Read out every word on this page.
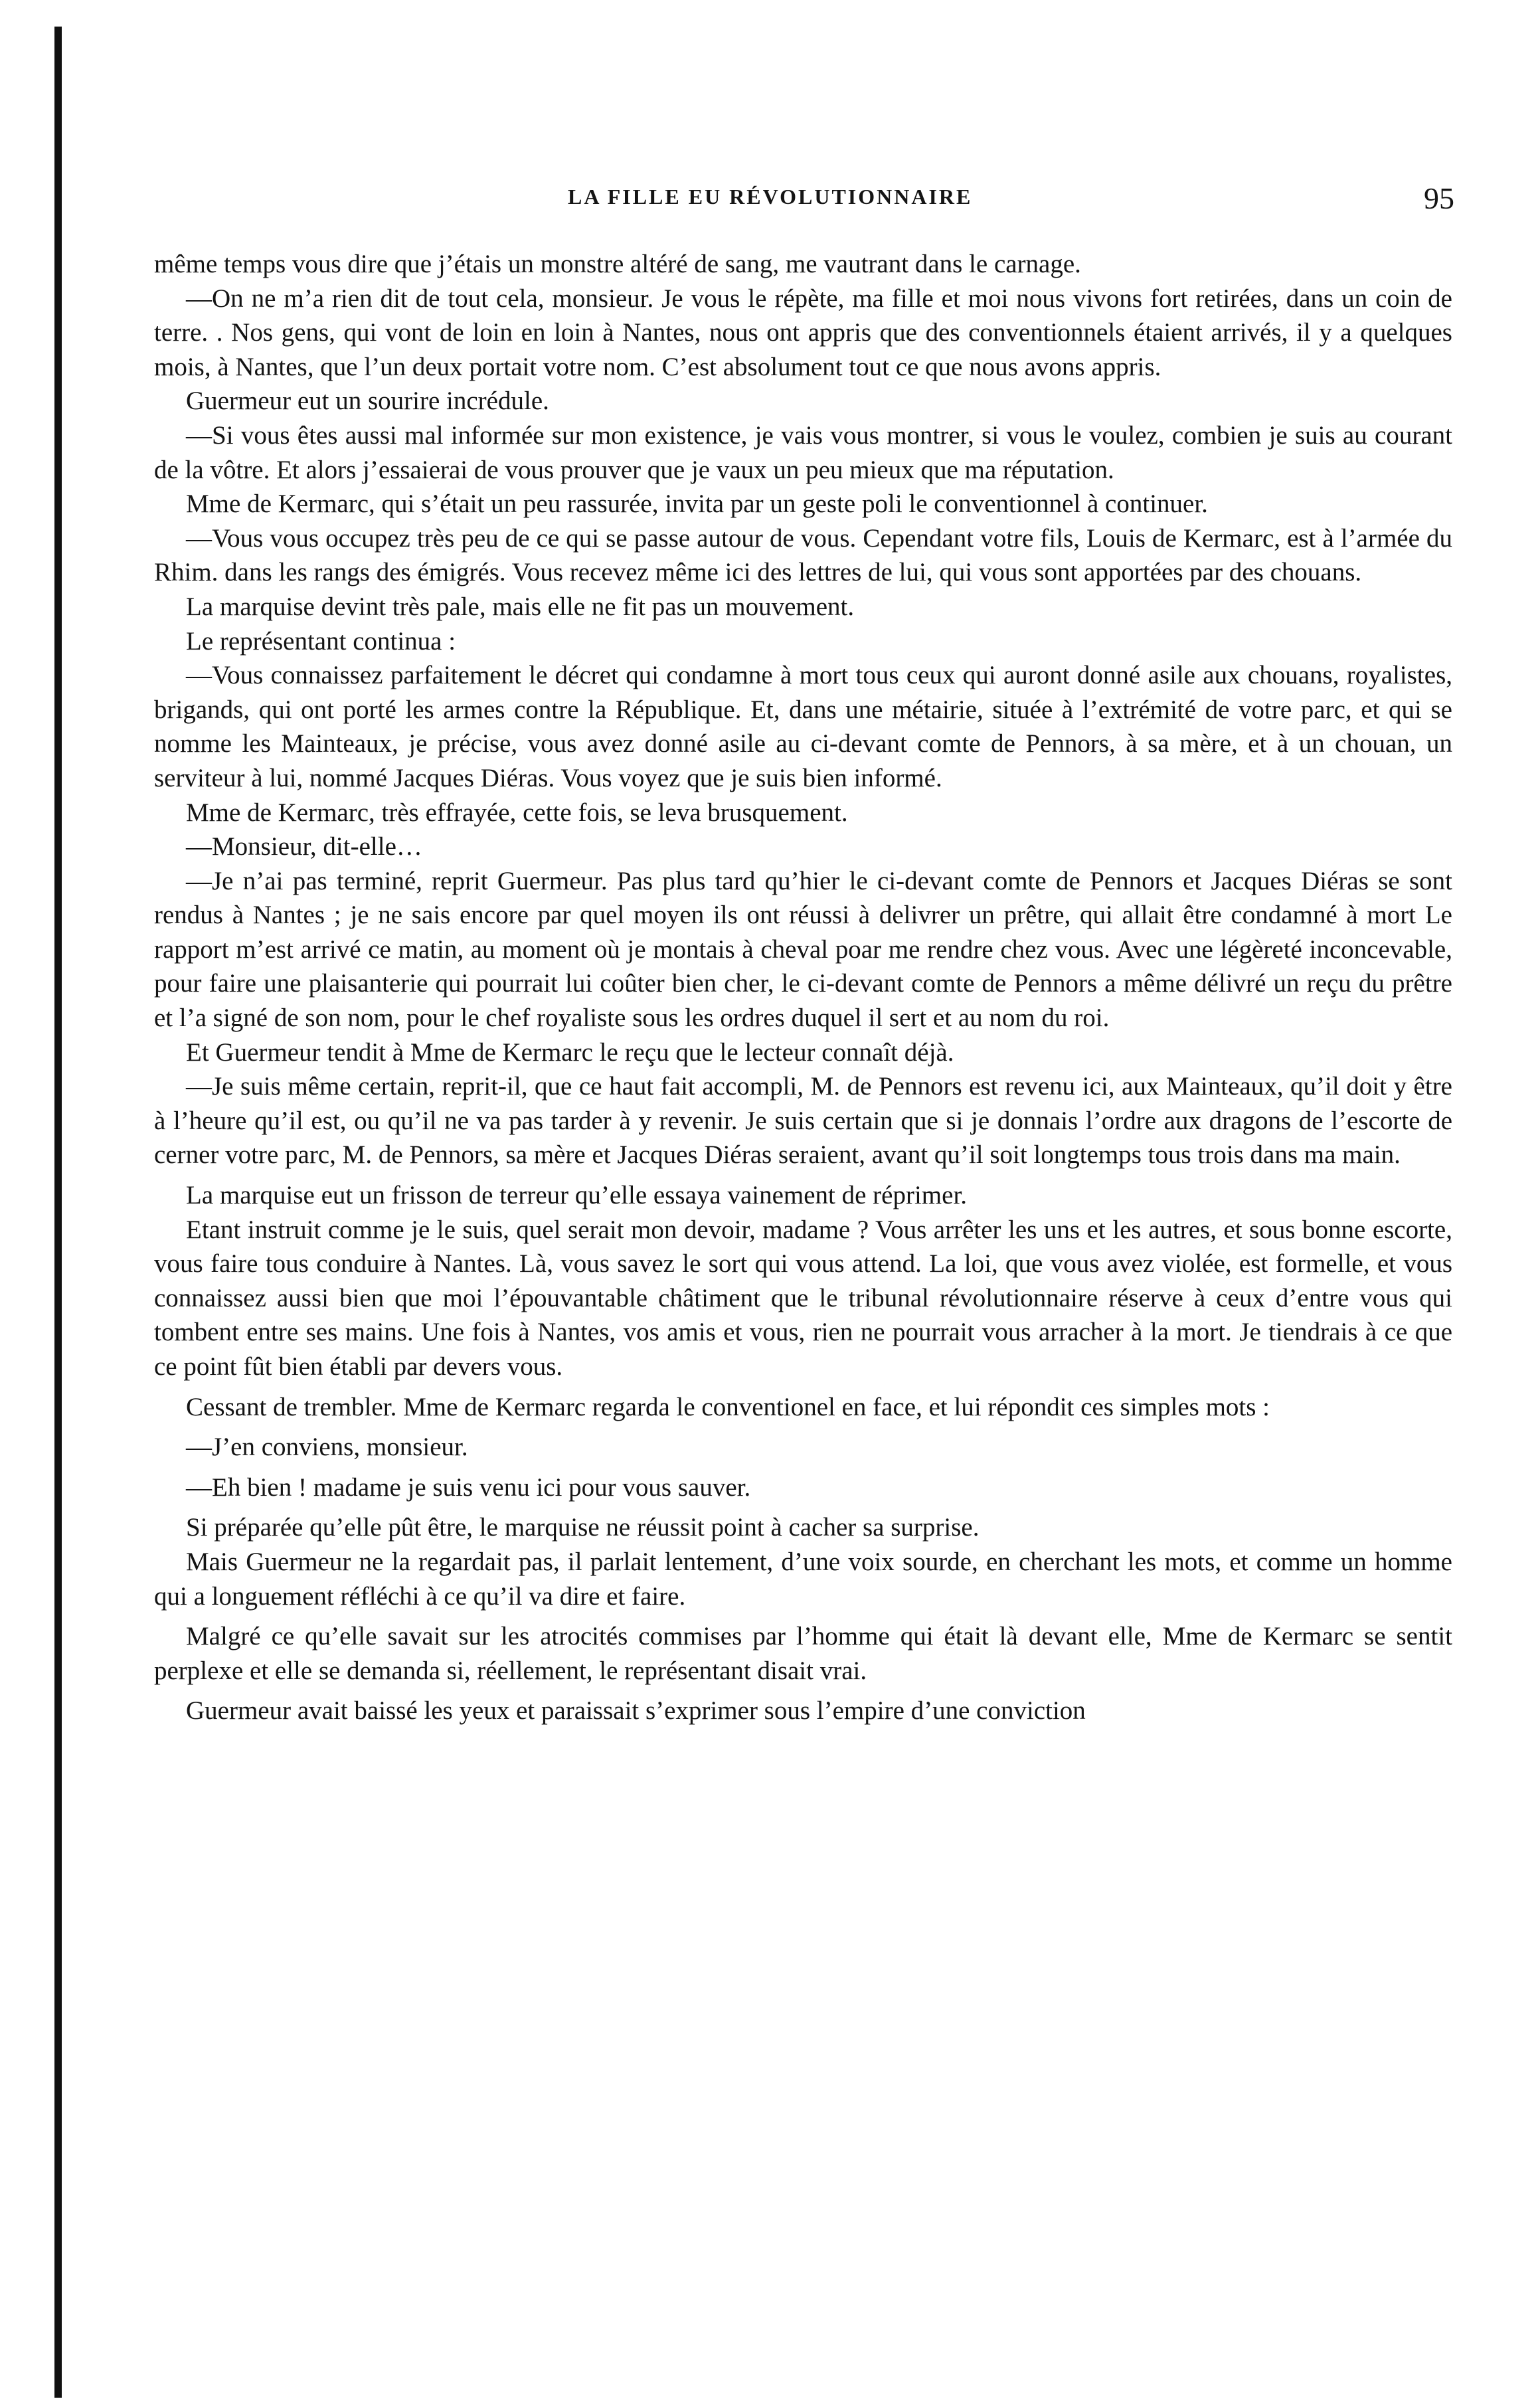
LA FILLE EU RÉVOLUTIONNAIRE	95

même temps vous dire que j’étais un monstre altéré de sang, me vautrant dans le carnage.

—On ne m’a rien dit de tout cela, monsieur. Je vous le répète, ma fille et moi nous vivons fort retirées, dans un coin de terre. . Nos gens, qui vont de loin en loin à Nantes, nous ont appris que des conventionnels étaient arrivés, il y a quelques mois, à Nantes, que l’un deux portait votre nom. C’est absolument tout ce que nous avons appris.

Guermeur eut un sourire incrédule.

—Si vous êtes aussi mal informée sur mon existence, je vais vous montrer, si vous le voulez, combien je suis au courant de la vôtre. Et alors j’essaierai de vous prouver que je vaux un peu mieux que ma réputation.

Mme de Kermarc, qui s’était un peu rassurée, invita par un geste poli le conventionnel à continuer.

—Vous vous occupez très peu de ce qui se passe autour de vous. Cependant votre fils, Louis de Kermarc, est à l’armée du Rhim. dans les rangs des émigrés. Vous recevez même ici des lettres de lui, qui vous sont apportées par des chouans.

La marquise devint très pale, mais elle ne fit pas un mouvement.

Le représentant continua :

—Vous connaissez parfaitement le décret qui condamne à mort tous ceux qui auront donné asile aux chouans, royalistes, brigands, qui ont porté les armes contre la République. Et, dans une métairie, située à l’extrémité de votre parc, et qui se nomme les Mainteaux, je précise, vous avez donné asile au ci-devant comte de Pennors, à sa mère, et à un chouan, un serviteur à lui, nommé Jacques Diéras. Vous voyez que je suis bien informé.

Mme de Kermarc, très effrayée, cette fois, se leva brusquement.

—Monsieur, dit-elle…

—Je n’ai pas terminé, reprit Guermeur. Pas plus tard qu’hier le ci-devant comte de Pennors et Jacques Diéras se sont rendus à Nantes ; je ne sais encore par quel moyen ils ont réussi à delivrer un prêtre, qui allait être condamné à mort Le rapport m’est arrivé ce matin, au moment où je montais à cheval poar me rendre chez vous. Avec une légèreté inconcevable, pour faire une plaisanterie qui pourrait lui coûter bien cher, le ci-devant comte de Pennors a même délivré un reçu du prêtre et l’a signé de son nom, pour le chef royaliste sous les ordres duquel il sert et au nom du roi.

Et Guermeur tendit à Mme de Kermarc le reçu que le lecteur connaît déjà.

—Je suis même certain, reprit-il, que ce haut fait accompli, M. de Pennors est revenu ici, aux Mainteaux, qu’il doit y être à l’heure qu’il est, ou qu’il ne va pas tarder à y revenir. Je suis certain que si je donnais l’ordre aux dragons de l’escorte de cerner votre parc, M. de Pennors, sa mère et Jacques Diéras seraient, avant qu’il soit longtemps tous trois dans ma main.

La marquise eut un frisson de terreur qu’elle essaya vainement de réprimer.

Etant instruit comme je le suis, quel serait mon devoir, madame ? Vous arrêter les uns et les autres, et sous bonne escorte, vous faire tous conduire à Nantes. Là, vous savez le sort qui vous attend. La loi, que vous avez violée, est formelle, et vous connaissez aussi bien que moi l’épouvantable châtiment que le tribunal révolutionnaire réserve à ceux d’entre vous qui tombent entre ses mains. Une fois à Nantes, vos amis et vous, rien ne pourrait vous arracher à la mort. Je tiendrais à ce que ce point fût bien établi par devers vous.

Cessant de trembler. Mme de Kermarc regarda le conventionel en face, et lui répondit ces simples mots :

—J’en conviens, monsieur.

—Eh bien ! madame je suis venu ici pour vous sauver.

Si préparée qu’elle pût être, le marquise ne réussit point à cacher sa surprise.

Mais Guermeur ne la regardait pas, il parlait lentement, d’une voix sourde, en cherchant les mots, et comme un homme qui a longuement réfléchi à ce qu’il va dire et faire.

Malgré ce qu’elle savait sur les atrocités commises par l’homme qui était là devant elle, Mme de Kermarc se sentit perplexe et elle se demanda si, réellement, le représentant disait vrai.

Guermeur avait baissé les yeux et paraissait s’exprimer sous l’empire d’une conviction
